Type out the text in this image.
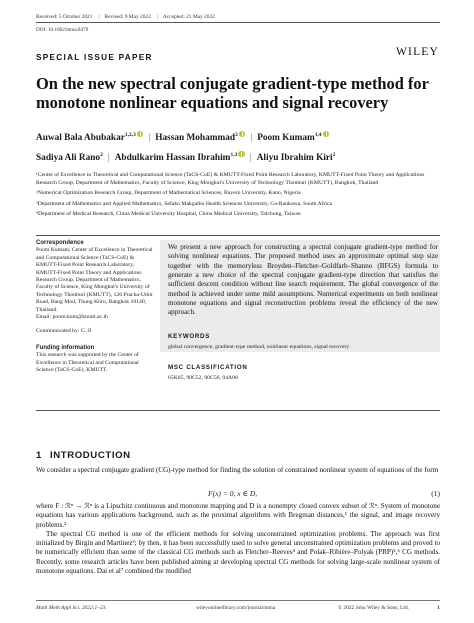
Received: 5 October 2021	| Revised: 9 May 2022	| Accepted: 21 May 2022
DOI: 10.1002/mma.8479
SPECIAL ISSUE PAPER	WILEY
On the new spectral conjugate gradient-type method for monotone nonlinear equations and signal recovery
Auwal Bala Abubakar$^{1,2,3}$ | Hassan Mohammad$^2$ | Poom Kumam$^{1,4}$
Sadiya Ali Rano$^2$ | Abdulkarim Hassan Ibrahim$^{1,3}$ | Aliyu Ibrahim Kiri$^2$

¹Center of Excellence in Theoretical and Computational Science (TaCS-CoE) & KMUTT-Fixed Point Research Laboratory, KMUTT-Fixed Point Theory and Applications Research Group, Department of Mathematics, Faculty of Science, King Mongkut's University of Technology Thonburi (KMUTT), Bangkok, Thailand

²Numerical Optimization Research Group, Department of Mathematical Sciences, Bayero University, Kano, Nigeria

³Department of Mathematics and Applied Mathematics, Sefako Makgatho Health Sciences University, Ga-Rankuwa, South Africa

⁴Department of Medical Research, China Medical University Hospital, China Medical University, Taichung, Taiwan

Correspondence

Poom Kumam, Center of Excellence in Theoretical and Computational Science (TaCS-CoE) & KMUTT-Fixed Point Research Laboratory, KMUTT-Fixed Point Theory and Applications Research Group, Department of Mathematics, Faculty of Science, King Mongkut's University of Technology Thonburi (KMUTT), 126 Pracha-Uthit Road, Bang Mod, Thung Khru, Bangkok 10140, Thailand.

Email: poom.kum@kmutt.ac.th

Communicated by: C. Ji

Funding information

This research was supported by the Center of Excellence in Theoretical and Computational Science (TaCS-CoE), KMUTT.

We present a new approach for constructing a spectral conjugate gradient-type method for solving nonlinear equations. The proposed method uses an approximate optimal step size together with the memoryless Broyden–Fletcher–Goldfarb–Shanno (BFGS) formula to generate a new choice of the spectral conjugate gradient-type direction that satisfies the sufficient descent condition without line search requirement. The global convergence of the method is achieved under some mild assumptions. Numerical experiments on both nonlinear monotone equations and signal reconstruction problems reveal the efficiency of the new approach.
KEYWORDS
global convergence, gradient-type method, nonlinear equations, signal recovery
MSC CLASSIFICATION
65K05, 90C52, 90C56, 94A08
1 INTRODUCTION
We consider a spectral conjugate gradient (CG)-type method for finding the solution of constrained nonlinear system of equations of the form
F(x) = 0, x ∈ D,	(1)

where F : ℛⁿ → ℛⁿ is a Lipschitz continuous and monotone mapping and D is a nonempty closed convex subset of ℛⁿ. System of monotone equations has various applications background, such as the proximal algorithms with Bregman distances,¹ the signal, and image recovery problems.²

The spectral CG method is one of the efficient methods for solving unconstrained optimization problems. The approach was first initialized by Birgin and Martínez³; by then, it has been successfully used to solve general unconstrained optimization problems and proved to be numerically efficient than some of the classical CG methods such as Fletcher–Reeves⁴ and Polak–Ribière–Polyak (PRP)⁵,⁶ CG methods. Recently, some research articles have been published aiming at developing spectral CG methods for solving large-scale nonlinear system of monotone equations. Dai et al⁷ combined the modified

Math Meth Appl Sci. 2022;1–23.	wileyonlinelibrary.com/journal/mma	© 2022 John Wiley & Sons, Ltd.	1
